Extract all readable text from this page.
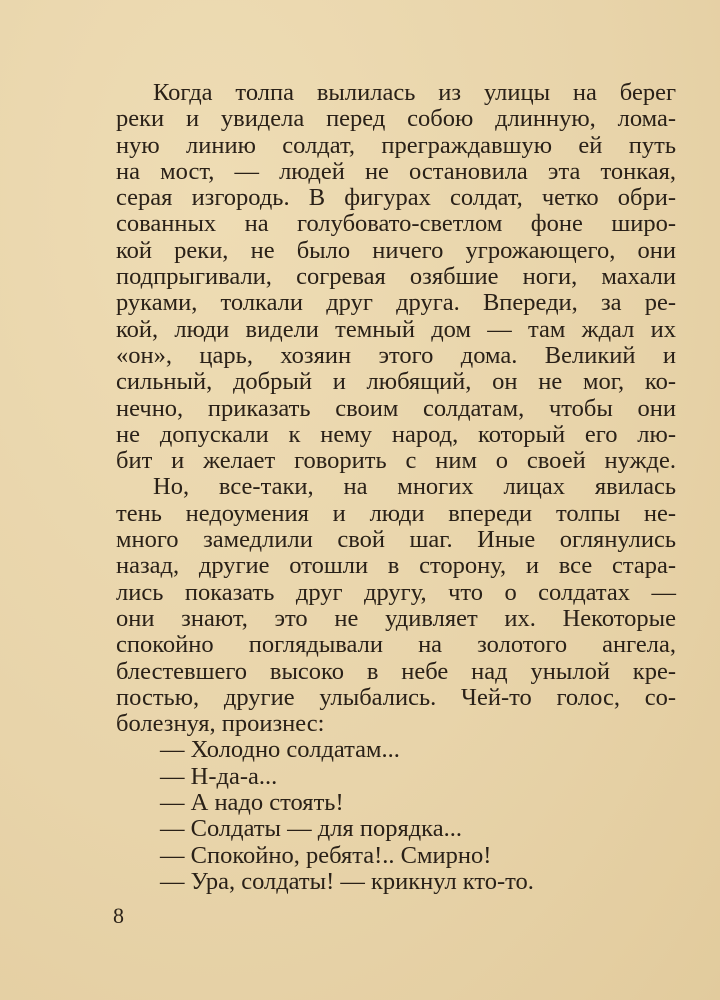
Когда толпа вылилась из улицы на берег
реки и увидела перед собою длинную, лома-
ную линию солдат, преграждавшую ей путь
на мост, — людей не остановила эта тонкая,
серая изгородь. В фигурах солдат, четко обри-
сованных на голубовато-светлом фоне широ-
кой реки, не было ничего угрожающего, они
подпрыгивали, согревая озябшие ноги, махали
руками, толкали друг друга. Впереди, за ре-
кой, люди видели темный дом — там ждал их
«он», царь, хозяин этого дома. Великий и
сильный, добрый и любящий, он не мог, ко-
нечно, приказать своим солдатам, чтобы они
не допускали к нему народ, который его лю-
бит и желает говорить с ним о своей нужде.
Но, все-таки, на многих лицах явилась
тень недоумения и люди впереди толпы не-
много замедлили свой шаг. Иные оглянулись
назад, другие отошли в сторону, и все стара-
лись показать друг другу, что о солдатах —
они знают, это не удивляет их. Некоторые
спокойно поглядывали на золотого ангела,
блестевшего высоко в небе над унылой кре-
постью, другие улыбались. Чей-то голос, со-
болезнуя, произнес:
— Холодно солдатам...
— Н-да-а...
— А надо стоять!
— Солдаты — для порядка...
— Спокойно, ребята!.. Смирно!
— Ура, солдаты! — крикнул кто-то.
8
